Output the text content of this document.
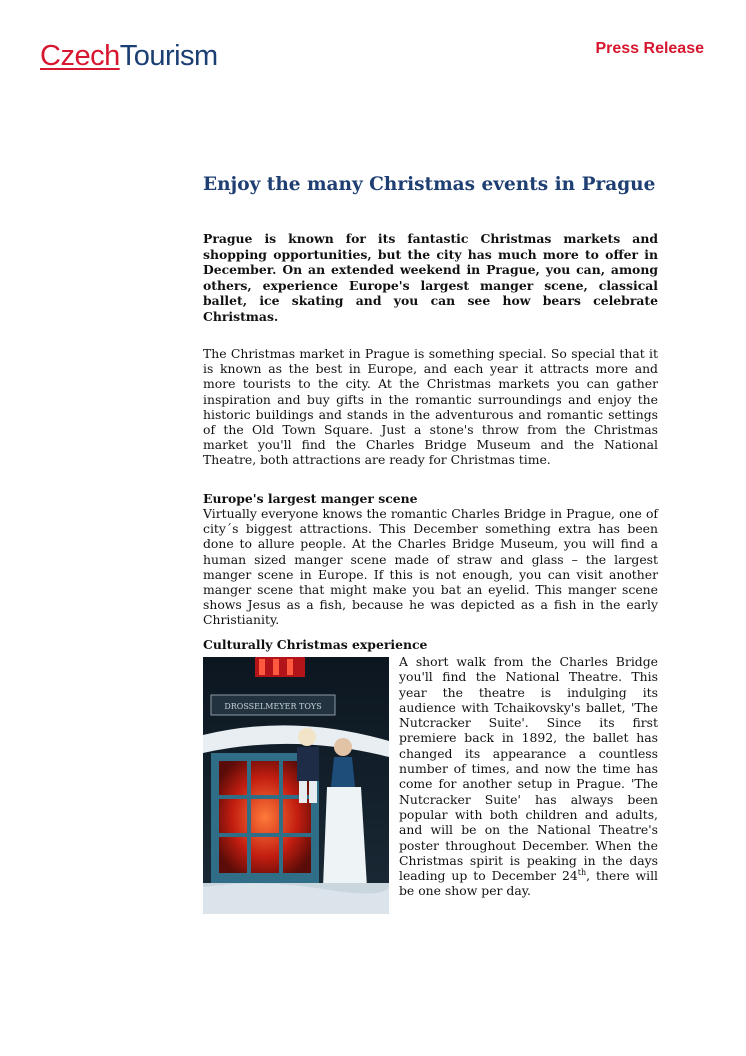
CzechTourism	Press Release
Enjoy the many Christmas events in Prague

Prague is known for its fantastic Christmas markets and shopping opportunities, but the city has much more to offer in December. On an extended weekend in Prague, you can, among others, experience Europe's largest manger scene, classical ballet, ice skating and you can see how bears celebrate Christmas.

The Christmas market in Prague is something special. So special that it is known as the best in Europe, and each year it attracts more and more tourists to the city. At the Christmas markets you can gather inspiration and buy gifts in the romantic surroundings and enjoy the historic buildings and stands in the adventurous and romantic settings of the Old Town Square. Just a stone's throw from the Christmas market you'll find the Charles Bridge Museum and the National Theatre, both attractions are ready for Christmas time.

Europe's largest manger scene

Virtually everyone knows the romantic Charles Bridge in Prague, one of city´s biggest attractions. This December something extra has been done to allure people. At the Charles Bridge Museum, you will find a human sized manger scene made of straw and glass – the largest manger scene in Europe. If this is not enough, you can visit another manger scene that might make you bat an eyelid. This manger scene shows Jesus as a fish, because he was depicted as a fish in the early Christianity.

Culturally Christmas experience
DROSSELMEYER TOYS

A short walk from the Charles Bridge you'll find the National Theatre. This year the theatre is indulging its audience with Tchaikovsky's ballet, 'The Nutcracker Suite'. Since its first premiere back in 1892, the ballet has changed its appearance a countless number of times, and now the time has come for another setup in Prague. 'The Nutcracker Suite' has always been popular with both children and adults, and will be on the National Theatre's poster throughout December. When the Christmas spirit is peaking in the days leading up to December 24th, there will be one show per day.
